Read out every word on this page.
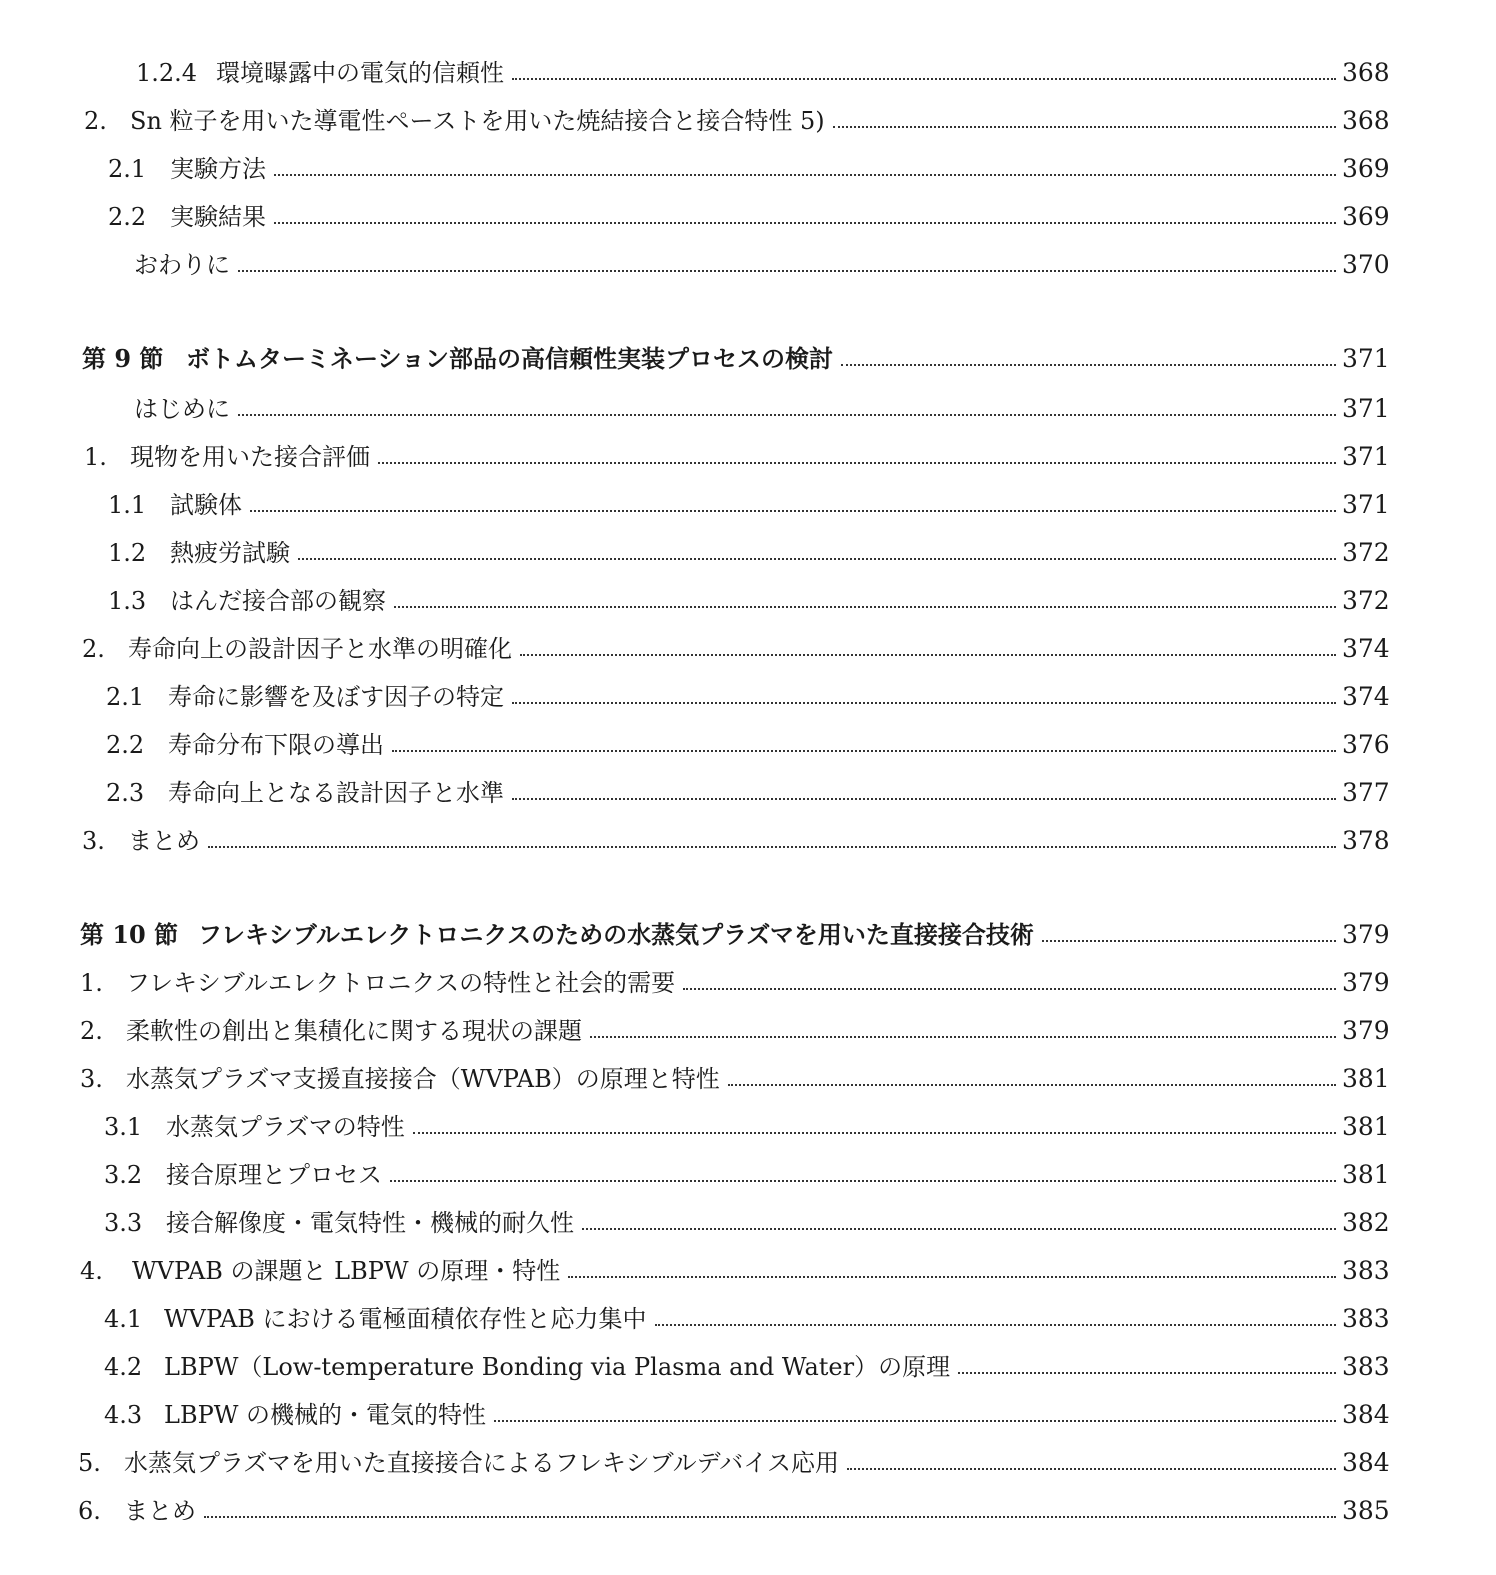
1.2.4 環境曝露中の電気的信頼性	368
2. Sn 粒子を用いた導電性ペーストを用いた焼結接合と接合特性 5)	368
2.1 実験方法	369
2.2 実験結果	369
おわりに	370
第 9 節 ボトムターミネーション部品の高信頼性実装プロセスの検討	371
はじめに	371
1. 現物を用いた接合評価	371
1.1 試験体	371
1.2 熱疲労試験	372
1.3 はんだ接合部の観察	372
2. 寿命向上の設計因子と水準の明確化	374
2.1 寿命に影響を及ぼす因子の特定	374
2.2 寿命分布下限の導出	376
2.3 寿命向上となる設計因子と水準	377
3. まとめ	378
第 10 節 フレキシブルエレクトロニクスのための水蒸気プラズマを用いた直接接合技術	379
1. フレキシブルエレクトロニクスの特性と社会的需要	379
2. 柔軟性の創出と集積化に関する現状の課題	379
3. 水蒸気プラズマ支援直接接合（WVPAB）の原理と特性	381
3.1 水蒸気プラズマの特性	381
3.2 接合原理とプロセス	381
3.3 接合解像度・電気特性・機械的耐久性	382
4.	WVPAB の課題と LBPW の原理・特性	383
4.1 WVPAB における電極面積依存性と応力集中	383
4.2 LBPW（Low-temperature Bonding via Plasma and Water）の原理	383
4.3 LBPW の機械的・電気的特性	384
5. 水蒸気プラズマを用いた直接接合によるフレキシブルデバイス応用	384
6. まとめ	385
